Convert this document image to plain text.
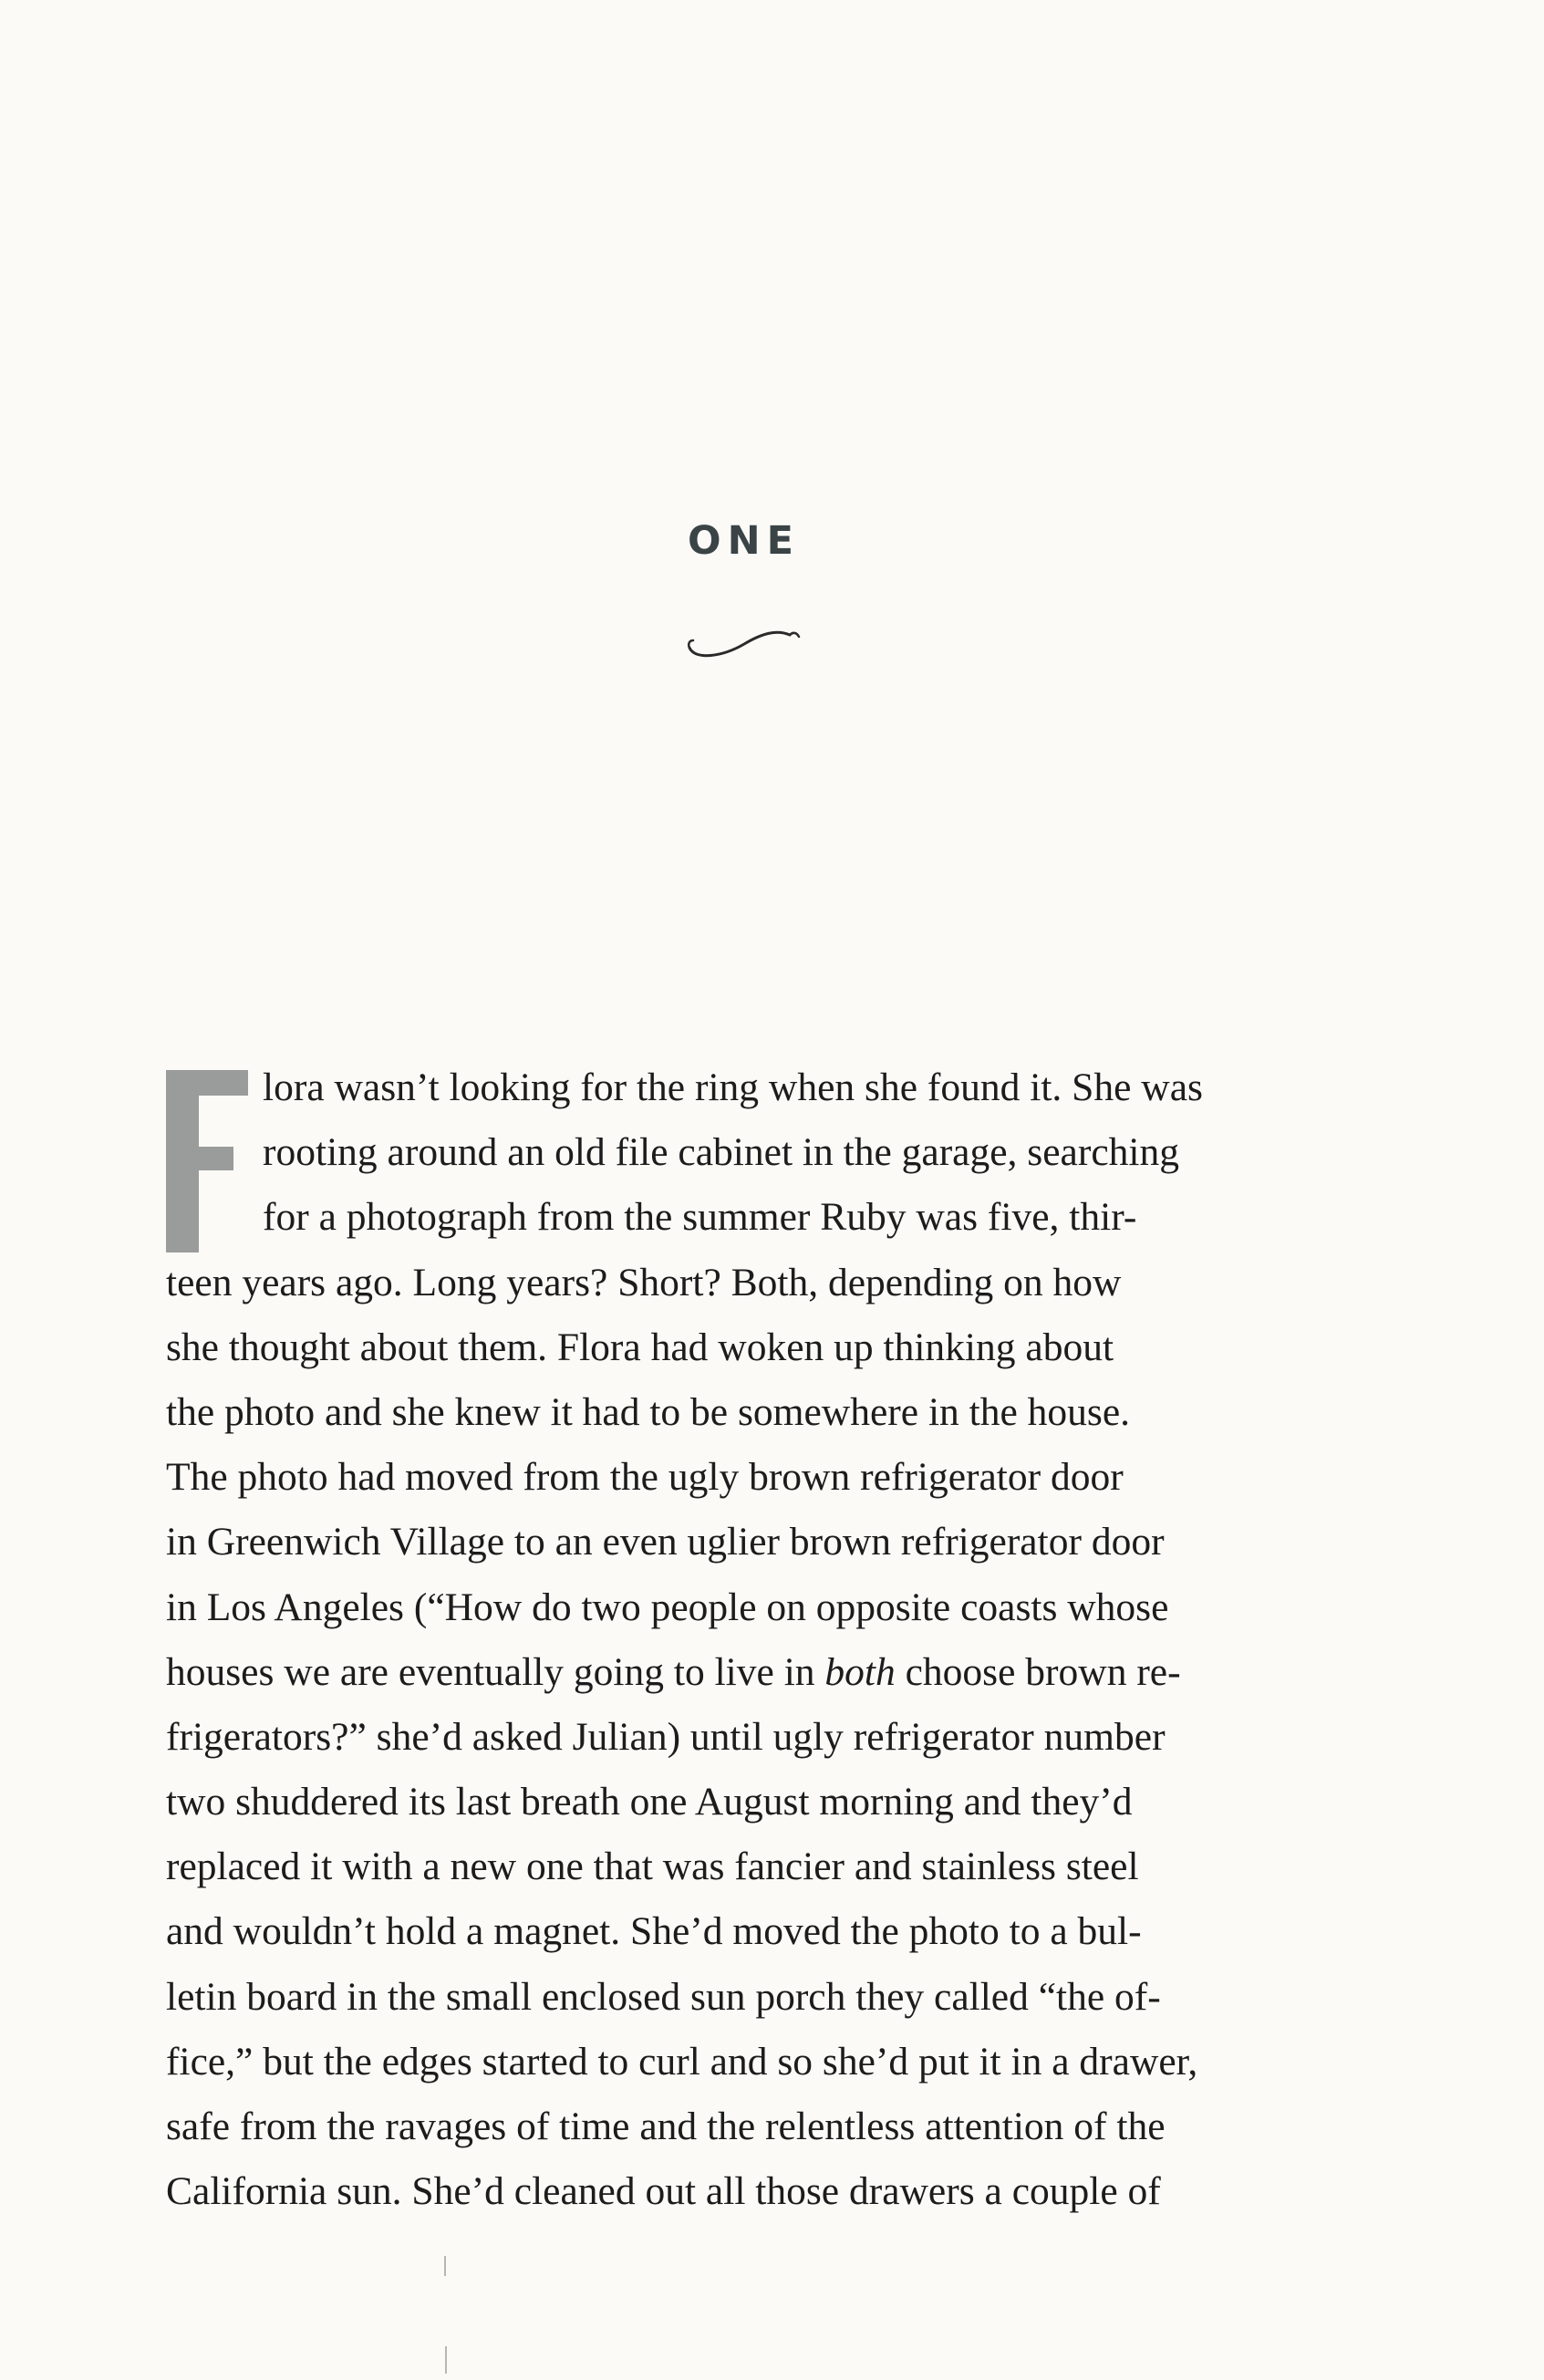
ONE
lora wasn’t looking for the ring when she found it. She was
rooting around an old file cabinet in the garage, searching
for a photograph from the summer Ruby was five, thir-
teen years ago. Long years? Short? Both, depending on how
she thought about them. Flora had woken up thinking about
the photo and she knew it had to be somewhere in the house.
The photo had moved from the ugly brown refrigerator door
in Greenwich Village to an even uglier brown refrigerator door
in Los Angeles (“How do two people on opposite coasts whose
houses we are eventually going to live in both choose brown re-
frigerators?” she’d asked Julian) until ugly refrigerator number
two shuddered its last breath one August morning and they’d
replaced it with a new one that was fancier and stainless steel
and wouldn’t hold a magnet. She’d moved the photo to a bul-
letin board in the small enclosed sun porch they called “the of-
fice,” but the edges started to curl and so she’d put it in a drawer,
safe from the ravages of time and the relentless attention of the
California sun. She’d cleaned out all those drawers a couple of
